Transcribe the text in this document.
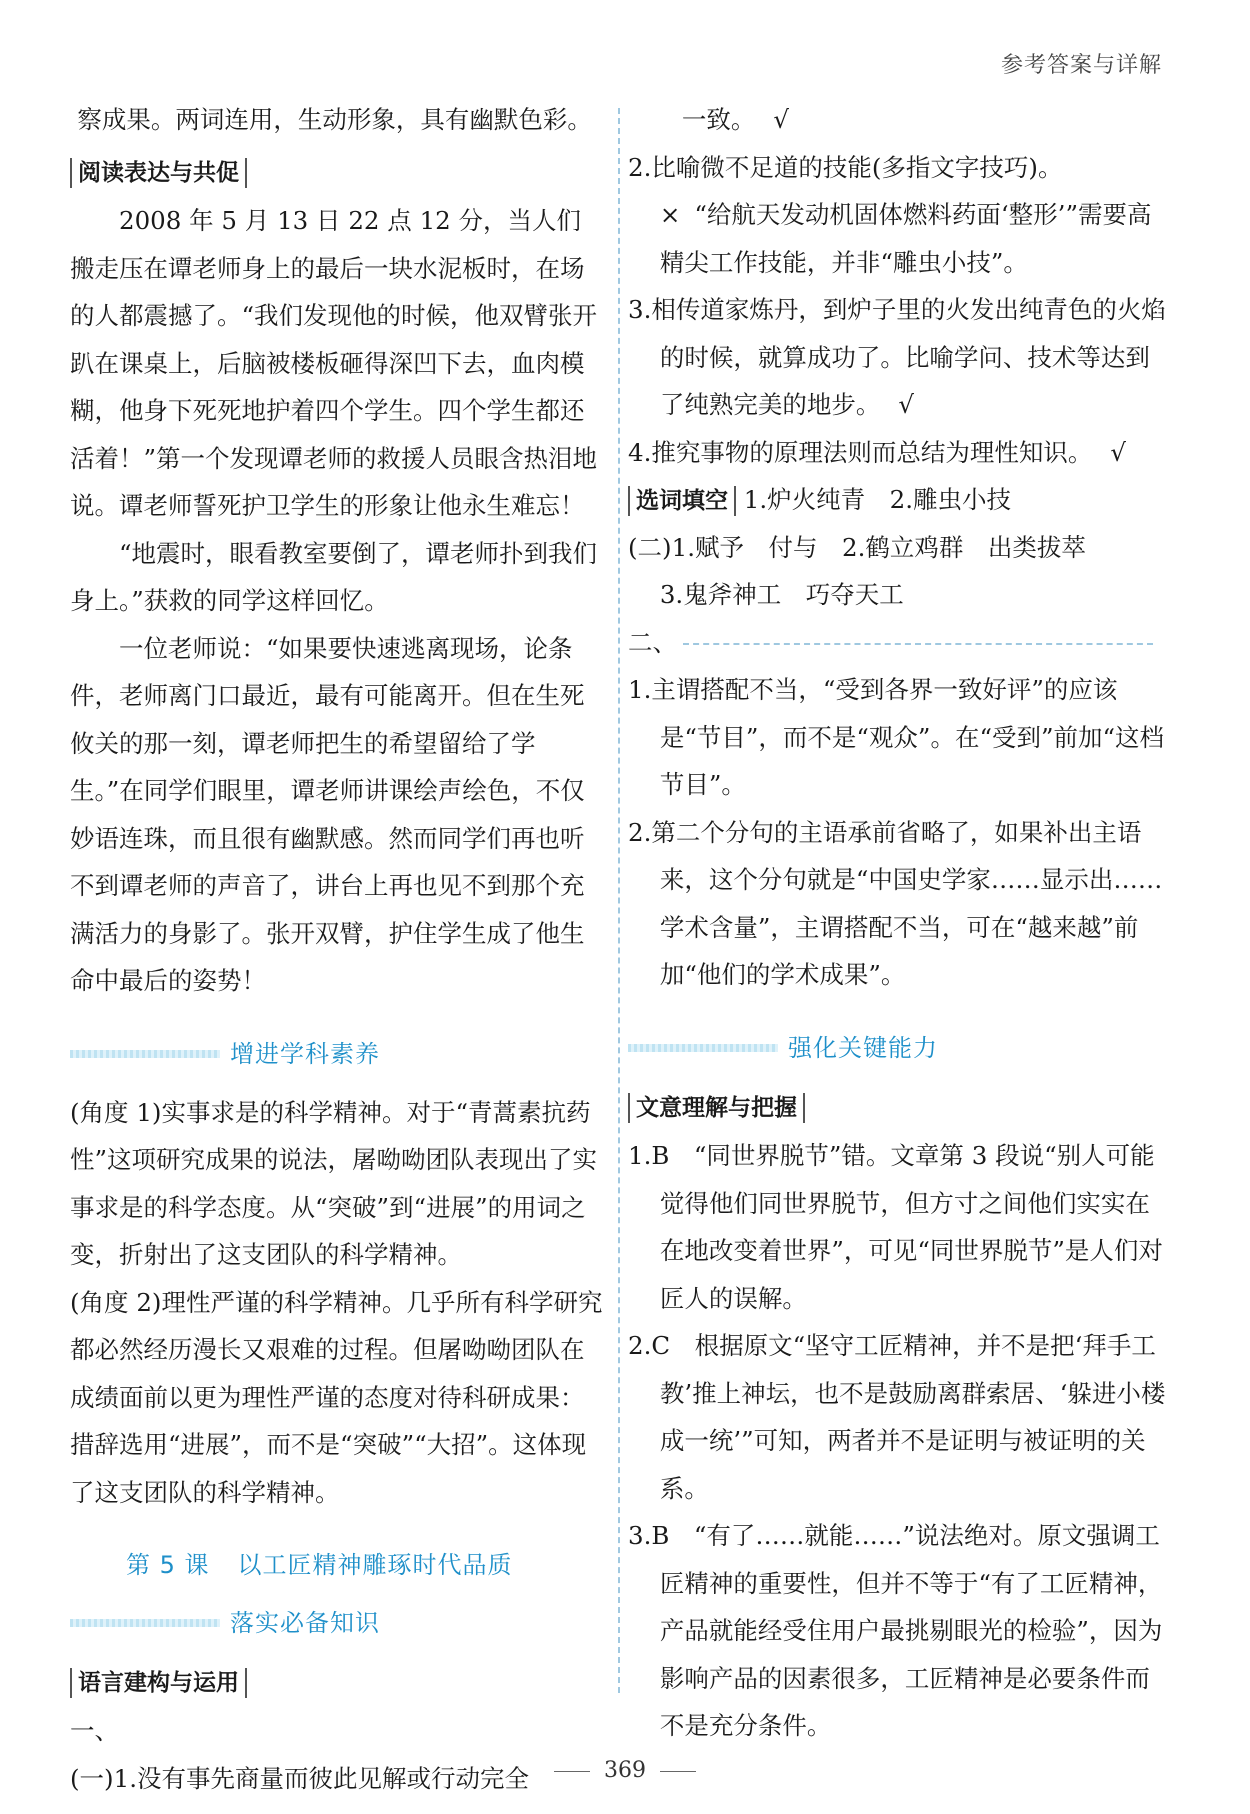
参考答案与详解

察成果。两词连用，生动形象，具有幽默色彩。

阅读表达与共促

2008 年 5 月 13 日 22 点 12 分，当人们搬走压在谭老师身上的最后一块水泥板时，在场的人都震撼了。“我们发现他的时候，他双臂张开趴在课桌上，后脑被楼板砸得深凹下去，血肉模糊，他身下死死地护着四个学生。四个学生都还活着！”第一个发现谭老师的救援人员眼含热泪地说。谭老师誓死护卫学生的形象让他永生难忘！

“地震时，眼看教室要倒了，谭老师扑到我们身上。”获救的同学这样回忆。

一位老师说：“如果要快速逃离现场，论条件，老师离门口最近，最有可能离开。但在生死攸关的那一刻，谭老师把生的希望留给了学生。”在同学们眼里，谭老师讲课绘声绘色，不仅妙语连珠，而且很有幽默感。然而同学们再也听不到谭老师的声音了，讲台上再也见不到那个充满活力的身影了。张开双臂，护住学生成了他生命中最后的姿势！

增进学科素养

(角度 1)实事求是的科学精神。对于“青蒿素抗药性”这项研究成果的说法，屠呦呦团队表现出了实事求是的科学态度。从“突破”到“进展”的用词之变，折射出了这支团队的科学精神。

(角度 2)理性严谨的科学精神。几乎所有科学研究都必然经历漫长又艰难的过程。但屠呦呦团队在成绩面前以更为理性严谨的态度对待科研成果：措辞选用“进展”，而不是“突破”“大招”。这体现了这支团队的科学精神。

第 5 课 以工匠精神雕琢时代品质

落实必备知识

语言建构与运用

一、

(一)1.没有事先商量而彼此见解或行动完全

一致。 √

2.比喻微不足道的技能(多指文字技巧)。

× “给航天发动机固体燃料药面‘整形’”需要高精尖工作技能，并非“雕虫小技”。

3.相传道家炼丹，到炉子里的火发出纯青色的火焰的时候，就算成功了。比喻学问、技术等达到了纯熟完美的地步。 √

4.推究事物的原理法则而总结为理性知识。 √

选词填空 1.炉火纯青　2.雕虫小技

(二)1.赋予　付与　2.鹤立鸡群　出类拔萃

3.鬼斧神工　巧夺天工

二、

1.主谓搭配不当，“受到各界一致好评”的应该是“节目”，而不是“观众”。在“受到”前加“这档节目”。

2.第二个分句的主语承前省略了，如果补出主语来，这个分句就是“中国史学家……显示出……学术含量”，主谓搭配不当，可在“越来越”前加“他们的学术成果”。

强化关键能力

文意理解与把握

1.B　“同世界脱节”错。文章第 3 段说“别人可能觉得他们同世界脱节，但方寸之间他们实实在在地改变着世界”，可见“同世界脱节”是人们对匠人的误解。

2.C　根据原文“坚守工匠精神，并不是把‘拜手工教’推上神坛，也不是鼓励离群索居、‘躲进小楼成一统’”可知，两者并不是证明与被证明的关系。

3.B　“有了……就能……”说法绝对。原文强调工匠精神的重要性，但并不等于“有了工匠精神，产品就能经受住用户最挑剔眼光的检验”，因为影响产品的因素很多，工匠精神是必要条件而不是充分条件。

369
